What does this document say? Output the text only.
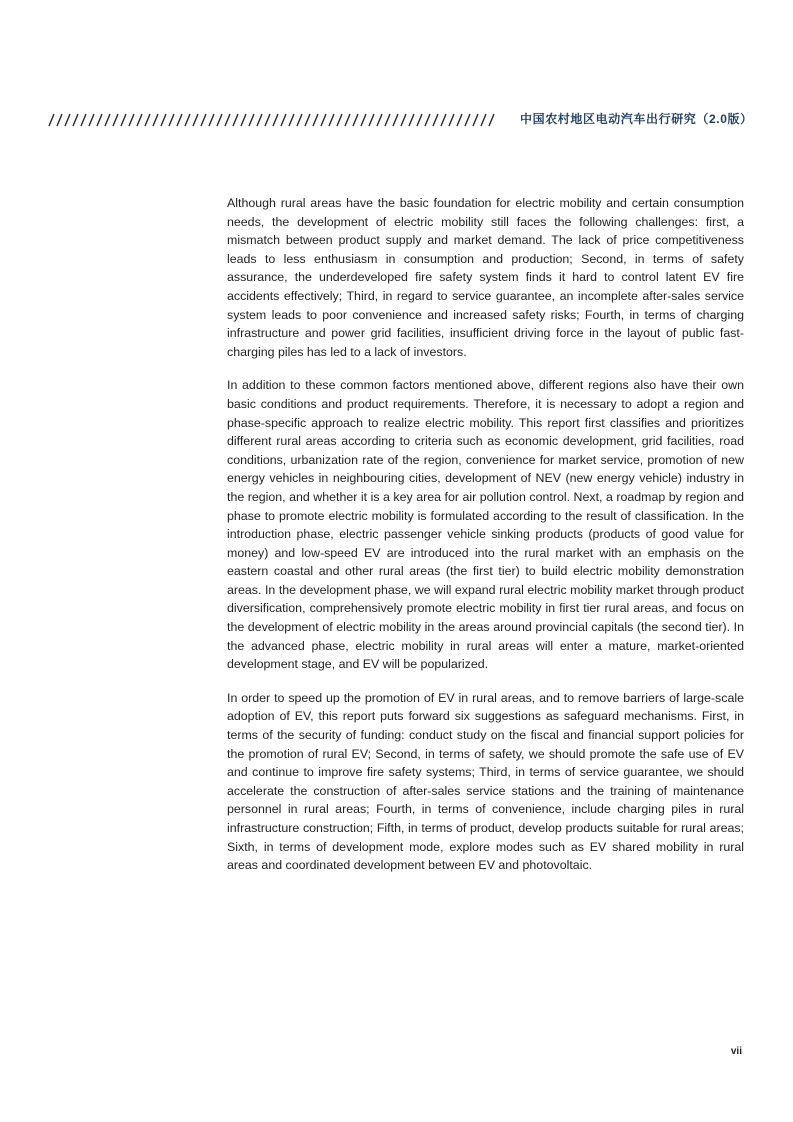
中国农村地区电动汽车出行研究（2.0版）

Although rural areas have the basic foundation for electric mobility and certain consumption needs, the development of electric mobility still faces the following challenges: first, a mismatch between product supply and market demand. The lack of price competitiveness leads to less enthusiasm in consumption and production; Second, in terms of safety assurance, the underdeveloped fire safety system finds it hard to control latent EV fire accidents effectively; Third, in regard to service guarantee, an incomplete after-sales service system leads to poor convenience and increased safety risks; Fourth, in terms of charging infrastructure and power grid facilities, insufficient driving force in the layout of public fast-charging piles has led to a lack of investors.

In addition to these common factors mentioned above, different regions also have their own basic conditions and product requirements. Therefore, it is necessary to adopt a region and phase-specific approach to realize electric mobility. This report first classifies and prioritizes different rural areas according to criteria such as economic development, grid facilities, road conditions, urbanization rate of the region, convenience for market service, promotion of new energy vehicles in neighbouring cities, development of NEV (new energy vehicle) industry in the region, and whether it is a key area for air pollution control. Next, a roadmap by region and phase to promote electric mobility is formulated according to the result of classification. In the introduction phase, electric passenger vehicle sinking products (products of good value for money) and low-speed EV are introduced into the rural market with an emphasis on the eastern coastal and other rural areas (the first tier) to build electric mobility demonstration areas. In the development phase, we will expand rural electric mobility market through product diversification, comprehensively promote electric mobility in first tier rural areas, and focus on the development of electric mobility in the areas around provincial capitals (the second tier). In the advanced phase, electric mobility in rural areas will enter a mature, market-oriented development stage, and EV will be popularized.

In order to speed up the promotion of EV in rural areas, and to remove barriers of large-scale adoption of EV, this report puts forward six suggestions as safeguard mechanisms. First, in terms of the security of funding: conduct study on the fiscal and financial support policies for the promotion of rural EV; Second, in terms of safety, we should promote the safe use of EV and continue to improve fire safety systems; Third, in terms of service guarantee, we should accelerate the construction of after-sales service stations and the training of maintenance personnel in rural areas; Fourth, in terms of convenience, include charging piles in rural infrastructure construction; Fifth, in terms of product, develop products suitable for rural areas; Sixth, in terms of development mode, explore modes such as EV shared mobility in rural areas and coordinated development between EV and photovoltaic.

vii
